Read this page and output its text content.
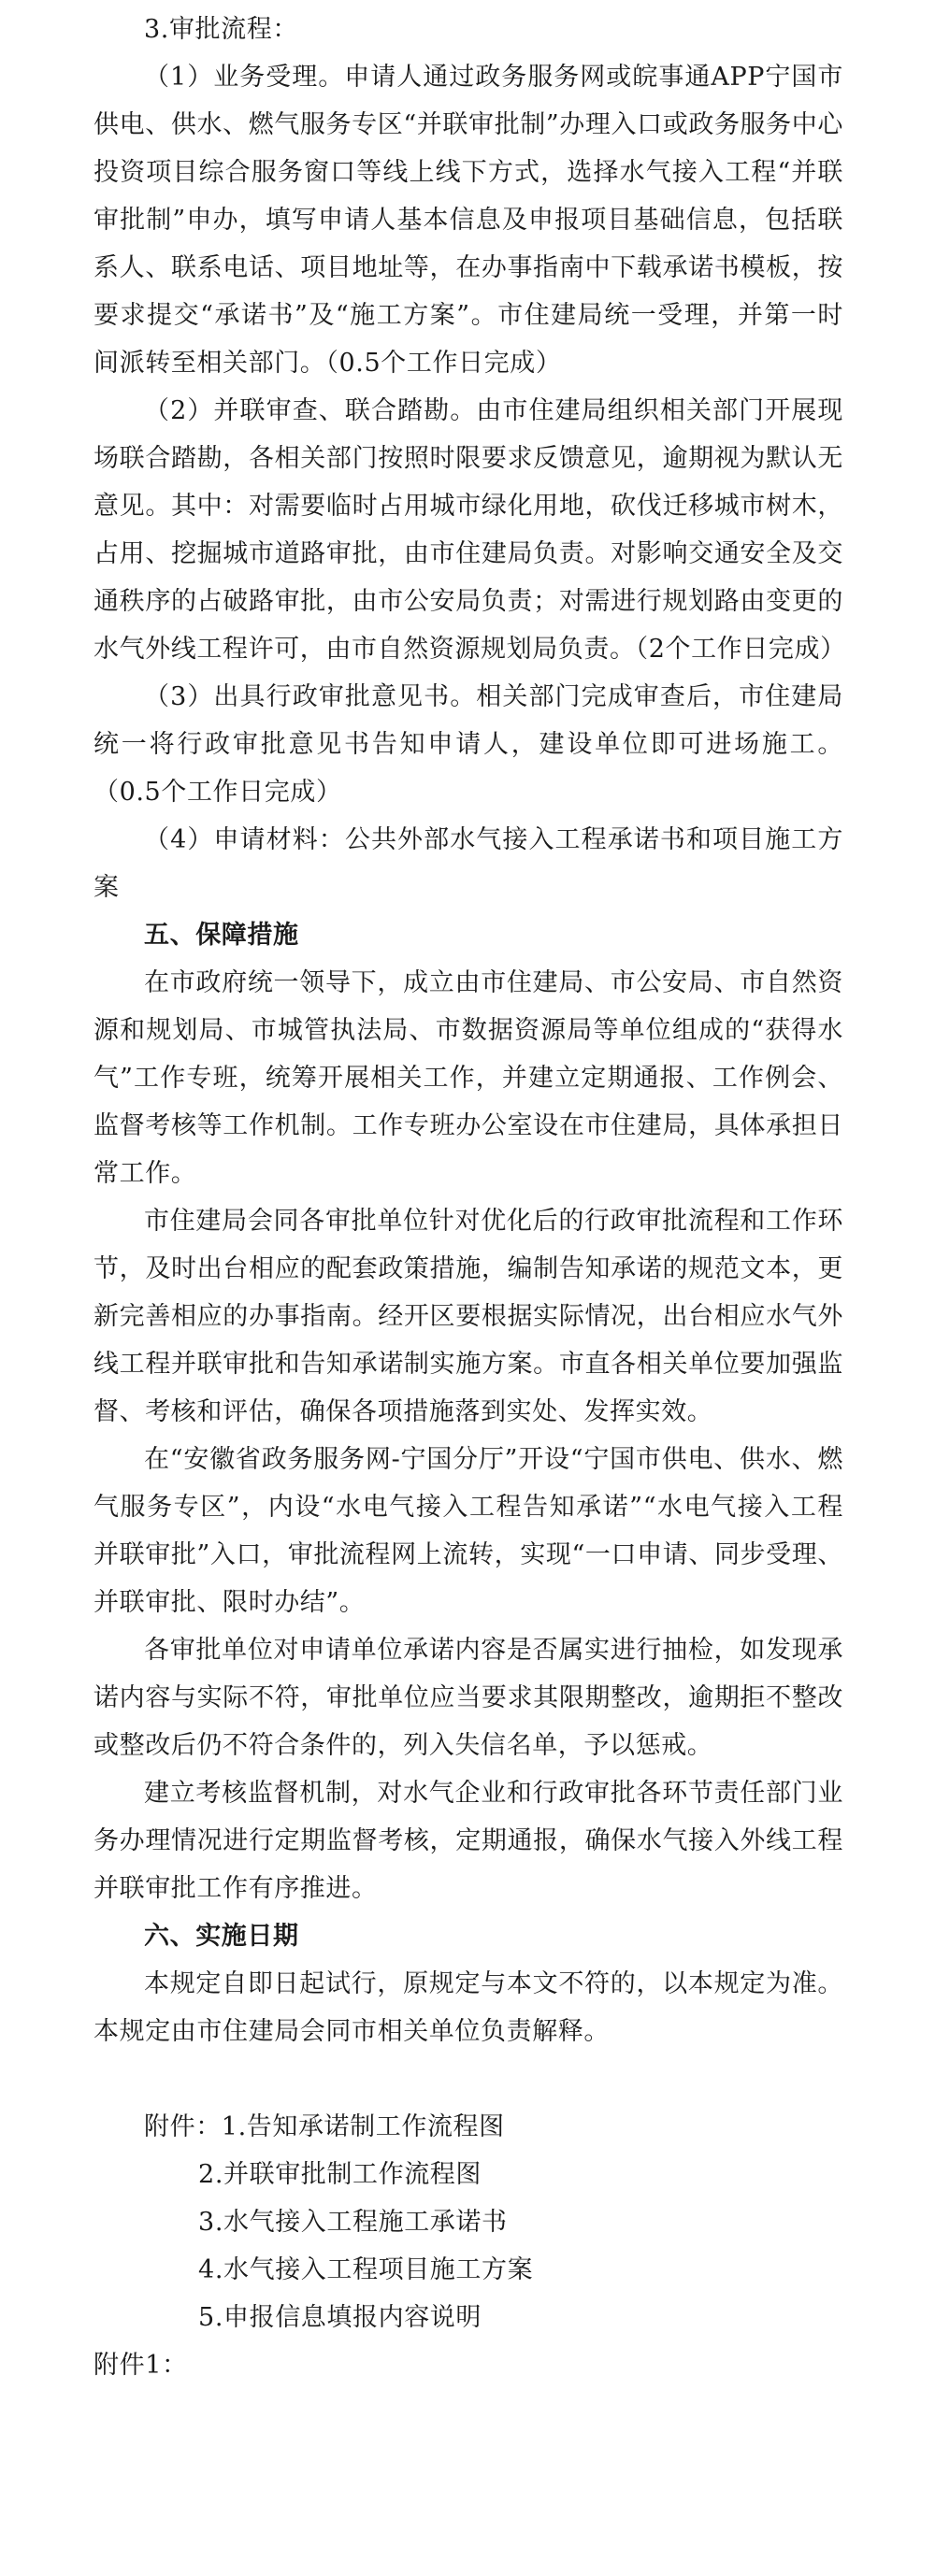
3.审批流程：

（1）业务受理。申请人通过政务服务网或皖事通APP宁国市供电、供水、燃气服务专区“并联审批制”办理入口或政务服务中心投资项目综合服务窗口等线上线下方式，选择水气接入工程“并联审批制”申办，填写申请人基本信息及申报项目基础信息，包括联系人、联系电话、项目地址等，在办事指南中下载承诺书模板，按要求提交“承诺书”及“施工方案”。市住建局统一受理，并第一时间派转至相关部门。（0.5个工作日完成）

（2）并联审查、联合踏勘。由市住建局组织相关部门开展现场联合踏勘，各相关部门按照时限要求反馈意见，逾期视为默认无意见。其中：对需要临时占用城市绿化用地，砍伐迁移城市树木，占用、挖掘城市道路审批，由市住建局负责。对影响交通安全及交通秩序的占破路审批，由市公安局负责；对需进行规划路由变更的水气外线工程许可，由市自然资源规划局负责。（2个工作日完成）

（3）出具行政审批意见书。相关部门完成审查后，市住建局统一将行政审批意见书告知申请人，建设单位即可进场施工。（0.5个工作日完成）

（4）申请材料：公共外部水气接入工程承诺书和项目施工方案

五、保障措施

在市政府统一领导下，成立由市住建局、市公安局、市自然资源和规划局、市城管执法局、市数据资源局等单位组成的“获得水气”工作专班，统筹开展相关工作，并建立定期通报、工作例会、监督考核等工作机制。工作专班办公室设在市住建局，具体承担日常工作。

市住建局会同各审批单位针对优化后的行政审批流程和工作环节，及时出台相应的配套政策措施，编制告知承诺的规范文本，更新完善相应的办事指南。经开区要根据实际情况，出台相应水气外线工程并联审批和告知承诺制实施方案。市直各相关单位要加强监督、考核和评估，确保各项措施落到实处、发挥实效。

在“安徽省政务服务网-宁国分厅”开设“宁国市供电、供水、燃气服务专区”，内设“水电气接入工程告知承诺”“水电气接入工程并联审批”入口，审批流程网上流转，实现“一口申请、同步受理、并联审批、限时办结”。

各审批单位对申请单位承诺内容是否属实进行抽检，如发现承诺内容与实际不符，审批单位应当要求其限期整改，逾期拒不整改或整改后仍不符合条件的，列入失信名单，予以惩戒。

建立考核监督机制，对水气企业和行政审批各环节责任部门业务办理情况进行定期监督考核，定期通报，确保水气接入外线工程并联审批工作有序推进。

六、实施日期

本规定自即日起试行，原规定与本文不符的，以本规定为准。本规定由市住建局会同市相关单位负责解释。

附件：1.告知承诺制工作流程图

2.并联审批制工作流程图

3.水气接入工程施工承诺书

4.水气接入工程项目施工方案

5.申报信息填报内容说明

附件1：
